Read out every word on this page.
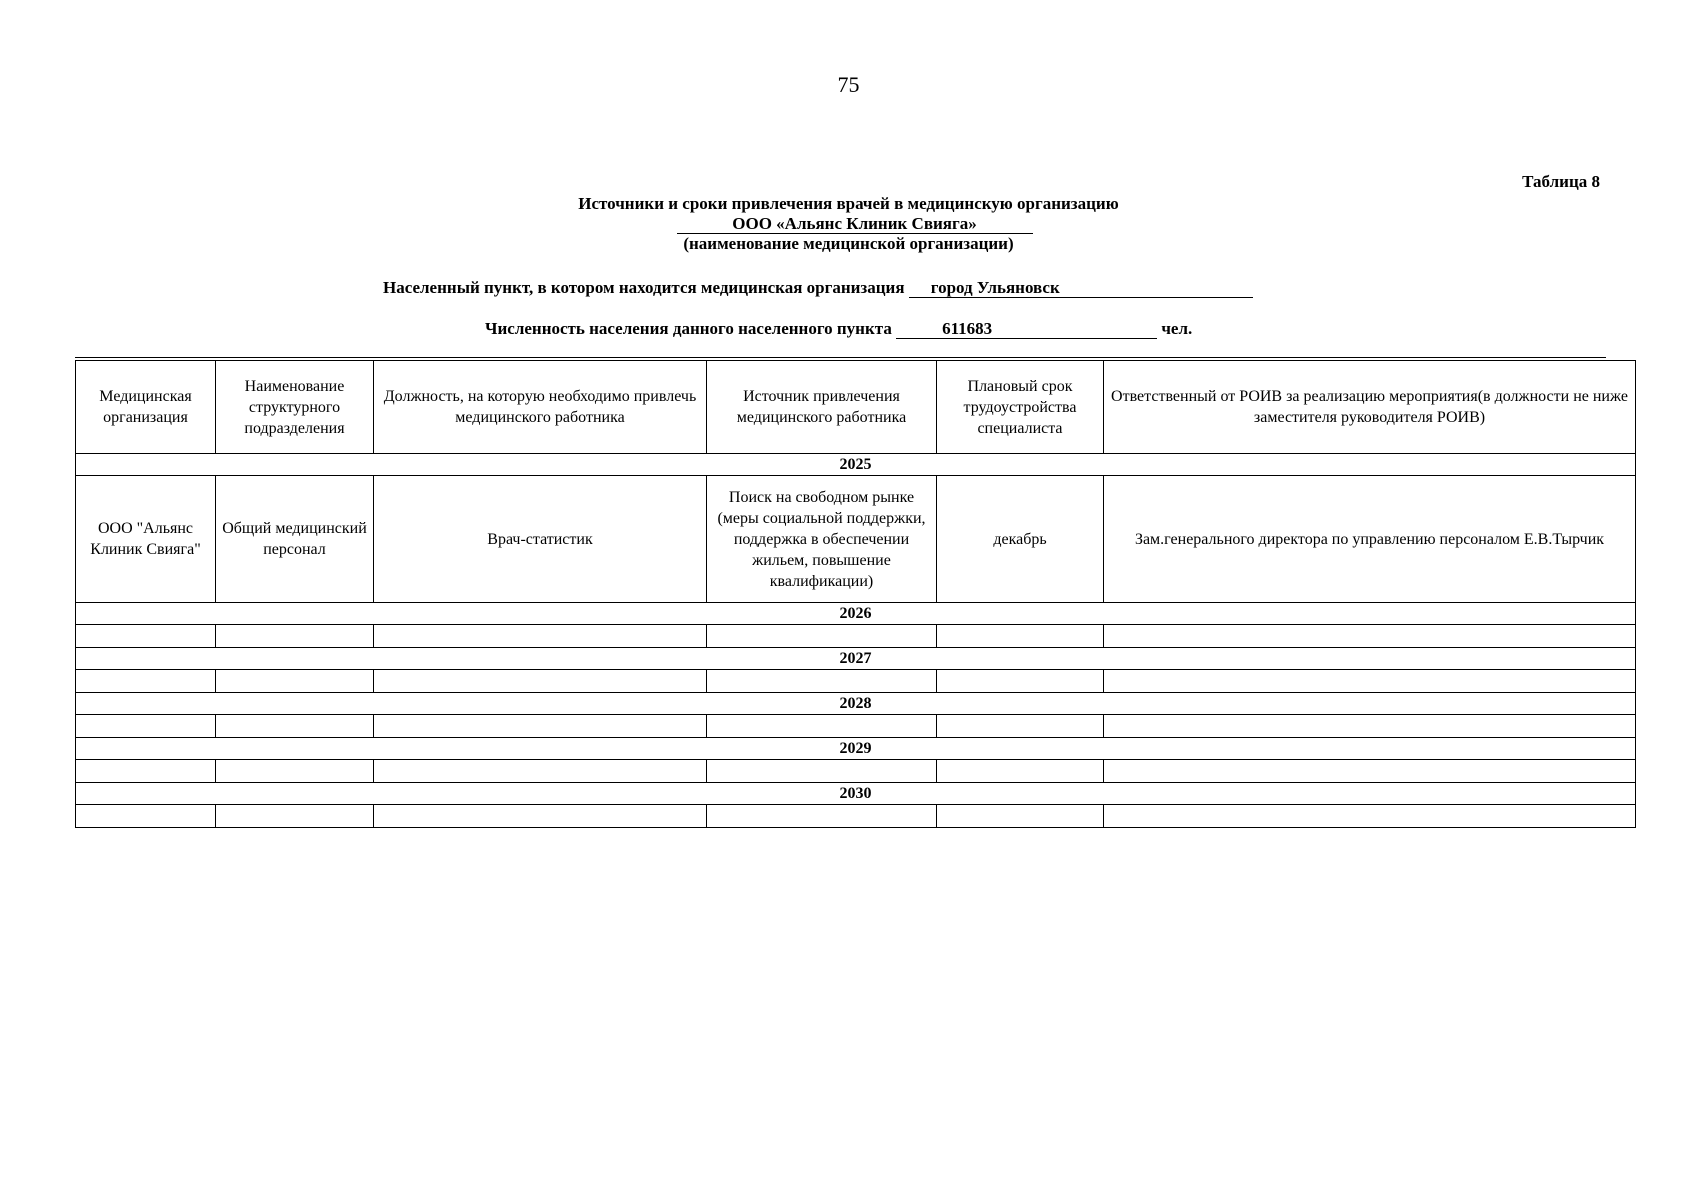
75
Таблица 8
Источники и сроки привлечения врачей в медицинскую организацию
ООО «Альянс Клиник Свияга»
(наименование медицинской организации)
Населенный пункт, в котором находится медицинская организация город Ульяновск
Численность населения данного населенного пункта	611683	чел.
Медицинская организация	Наименование структурного подразделения	Должность, на которую необходимо привлечь медицинского работника	Источник привлечения медицинского работника	Плановый срок трудоустройства специалиста	Ответственный от РОИВ за реализацию мероприятия(в должности не ниже заместителя руководителя РОИВ)
2025					
ООО "Альянс Клиник Свияга"	Общий медицинский персонал	Врач-статистик	Поиск на свободном рынке (меры социальной поддержки, поддержка в обеспечении жильем, повышение квалификации)	декабрь	Зам.генерального директора по управлению персоналом Е.В.Тырчик
2026					

2027					

2028					

2029					

2030					
